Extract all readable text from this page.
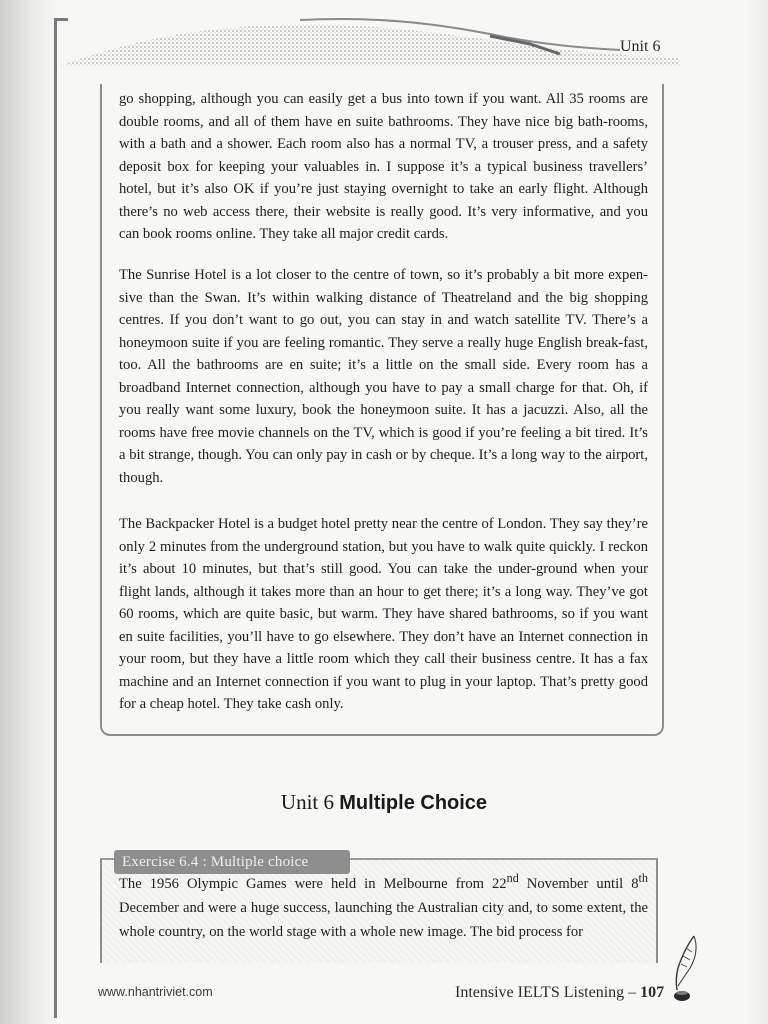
Unit 6

go shopping, although you can easily get a bus into town if you want. All 35 rooms are double rooms, and all of them have en suite bathrooms. They have nice big bath-rooms, with a bath and a shower. Each room also has a normal TV, a trouser press, and a safety deposit box for keeping your valuables in. I suppose it’s a typical business travellers’ hotel, but it’s also OK if you’re just staying overnight to take an early flight. Although there’s no web access there, their website is really good. It’s very informative, and you can book rooms online. They take all major credit cards.

The Sunrise Hotel is a lot closer to the centre of town, so it’s probably a bit more expen-sive than the Swan. It’s within walking distance of Theatreland and the big shopping centres. If you don’t want to go out, you can stay in and watch satellite TV. There’s a honeymoon suite if you are feeling romantic. They serve a really huge English break-fast, too. All the bathrooms are en suite; it’s a little on the small side. Every room has a broadband Internet connection, although you have to pay a small charge for that. Oh, if you really want some luxury, book the honeymoon suite. It has a jacuzzi. Also, all the rooms have free movie channels on the TV, which is good if you’re feeling a bit tired. It’s a bit strange, though. You can only pay in cash or by cheque. It’s a long way to the airport, though.

The Backpacker Hotel is a budget hotel pretty near the centre of London. They say they’re only 2 minutes from the underground station, but you have to walk quite quickly. I reckon it’s about 10 minutes, but that’s still good. You can take the under-ground when your flight lands, although it takes more than an hour to get there; it’s a long way. They’ve got 60 rooms, which are quite basic, but warm. They have shared bathrooms, so if you want en suite facilities, you’ll have to go elsewhere. They don’t have an Internet connection in your room, but they have a little room which they call their business centre. It has a fax machine and an Internet connection if you want to plug in your laptop. That’s pretty good for a cheap hotel. They take cash only.

Unit 6 Multiple Choice
Exercise 6.4 : Multiple choice

The 1956 Olympic Games were held in Melbourne from 22nd November until 8th December and were a huge success, launching the Australian city and, to some extent, the whole country, on the world stage with a whole new image. The bid process for

www.nhantriviet.com	Intensive IELTS Listening – 107
